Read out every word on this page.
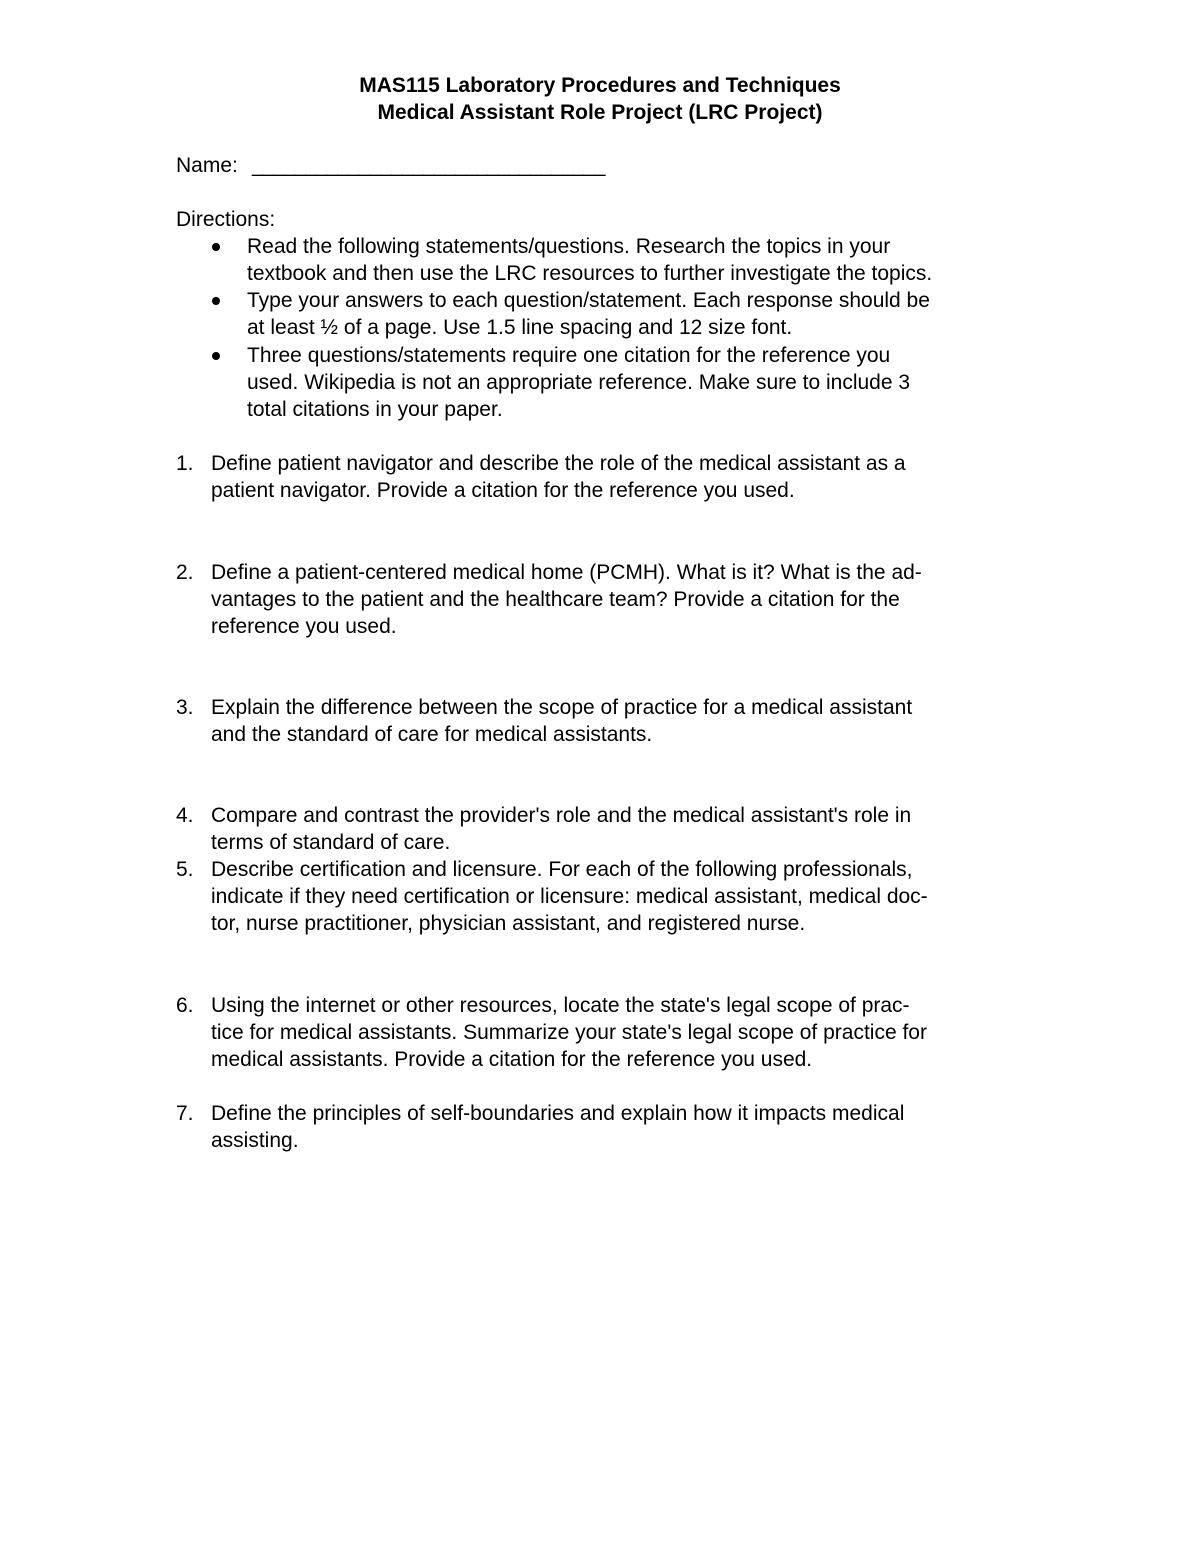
MAS115 Laboratory Procedures and Techniques
Medical Assistant Role Project (LRC Project)
Name: _________________________________
Directions:
Read the following statements/questions. Research the topics in your
textbook and then use the LRC resources to further investigate the topics.
Type your answers to each question/statement. Each response should be
at least ½ of a page. Use 1.5 line spacing and 12 size font.
Three questions/statements require one citation for the reference you
used. Wikipedia is not an appropriate reference. Make sure to include 3
total citations in your paper.
1. Define patient navigator and describe the role of the medical assistant as a
patient navigator. Provide a citation for the reference you used.
2. Define a patient-centered medical home (PCMH). What is it? What is the ad-
vantages to the patient and the healthcare team? Provide a citation for the
reference you used.
3. Explain the difference between the scope of practice for a medical assistant
and the standard of care for medical assistants.
4. Compare and contrast the provider's role and the medical assistant's role in
terms of standard of care.
5. Describe certification and licensure. For each of the following professionals,
indicate if they need certification or licensure: medical assistant, medical doc-
tor, nurse practitioner, physician assistant, and registered nurse.
6. Using the internet or other resources, locate the state's legal scope of prac-
tice for medical assistants. Summarize your state's legal scope of practice for
medical assistants. Provide a citation for the reference you used.
7. Define the principles of self-boundaries and explain how it impacts medical
assisting.
